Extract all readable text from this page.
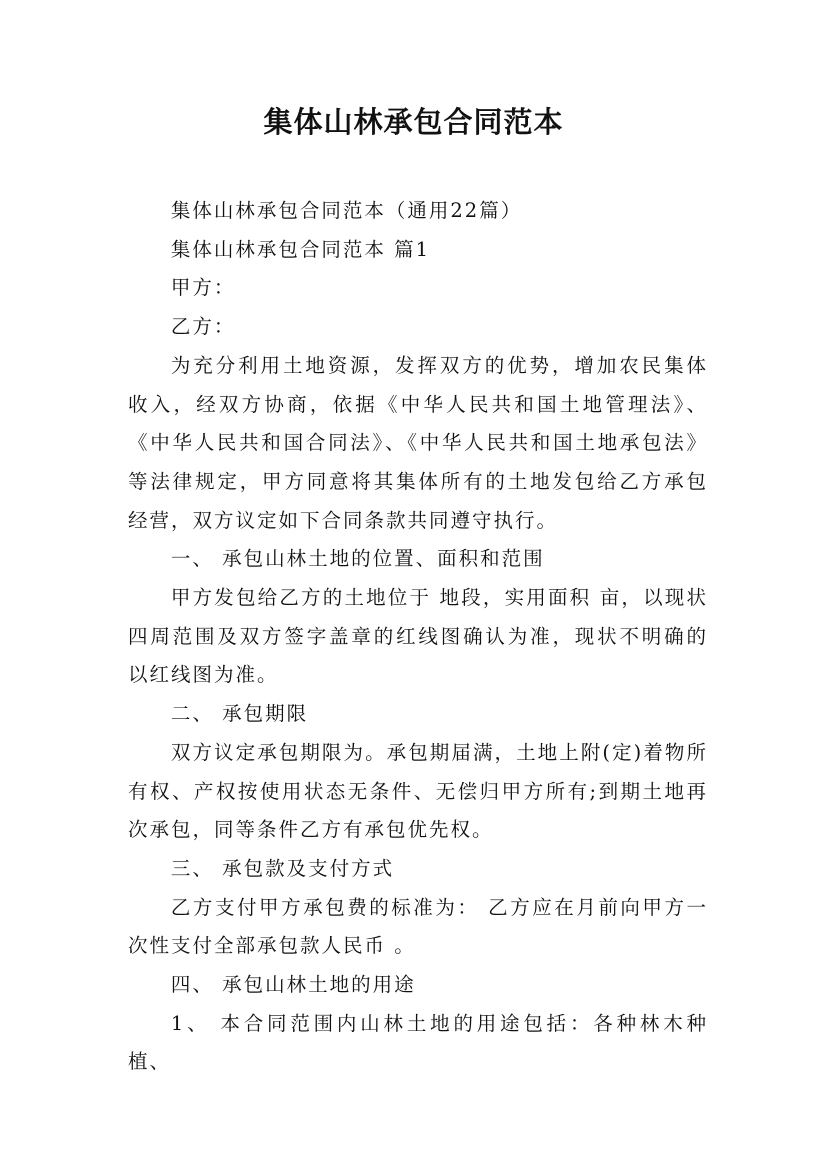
集体山林承包合同范本

集体山林承包合同范本（通用22篇）

集体山林承包合同范本 篇1

甲方：

乙方：

为充分利用土地资源，发挥双方的优势，增加农民集体收入，经双方协商，依据《中华人民共和国土地管理法》、《中华人民共和国合同法》、《中华人民共和国土地承包法》等法律规定，甲方同意将其集体所有的土地发包给乙方承包经营，双方议定如下合同条款共同遵守执行。

一、 承包山林土地的位置、面积和范围

甲方发包给乙方的土地位于 地段，实用面积 亩，以现状四周范围及双方签字盖章的红线图确认为准，现状不明确的以红线图为准。

二、 承包期限

双方议定承包期限为。承包期届满，土地上附(定)着物所有权、产权按使用状态无条件、无偿归甲方所有;到期土地再次承包，同等条件乙方有承包优先权。

三、 承包款及支付方式

乙方支付甲方承包费的标准为： 乙方应在月前向甲方一次性支付全部承包款人民币 。

四、 承包山林土地的用途

1、 本合同范围内山林土地的用途包括：各种林木种植、
